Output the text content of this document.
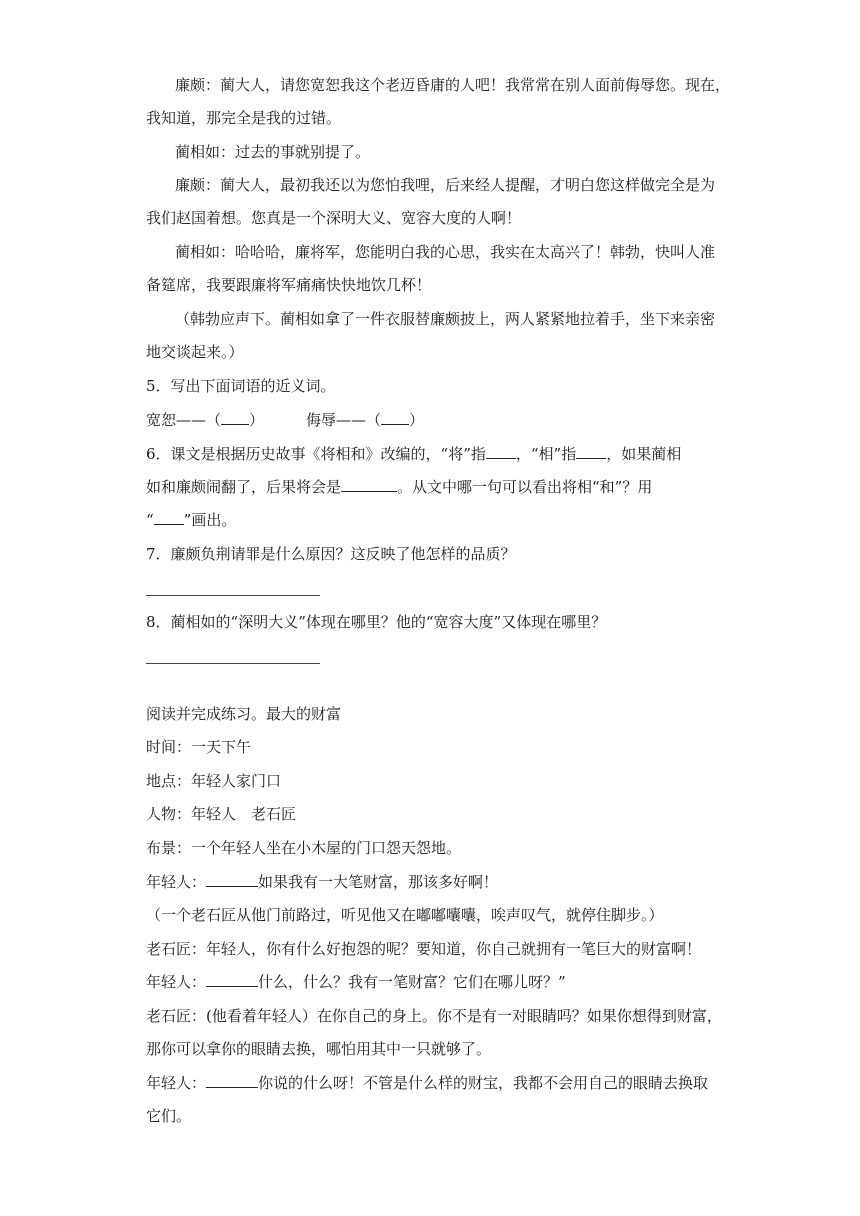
廉颇：蔺大人，请您宽恕我这个老迈昏庸的人吧！我常常在别人面前侮辱您。现在，
我知道，那完全是我的过错。
蔺相如：过去的事就别提了。
廉颇：蔺大人，最初我还以为您怕我哩，后来经人提醒，才明白您这样做完全是为
我们赵国着想。您真是一个深明大义、宽容大度的人啊！
蔺相如：哈哈哈，廉将军，您能明白我的心思，我实在太高兴了！韩勃，快叫人准
备筵席，我要跟廉将军痛痛快快地饮几杯！
（韩勃应声下。蔺相如拿了一件衣服替廉颇披上，两人紧紧地拉着手，坐下来亲密
地交谈起来。）
5．写出下面词语的近义词。
宽恕——（ ）	侮辱——（ ）
6．课文是根据历史故事《将相和》改编的，“将”指 ，“相”指 ，如果蔺相
如和廉颇闹翻了，后果将会是	。从文中哪一句可以看出将相“和”？用
“ ”画出。
7．廉颇负荆请罪是什么原因？这反映了他怎样的品质？
8．蔺相如的“深明大义”体现在哪里？他的“宽容大度”又体现在哪里？
阅读并完成练习。最大的财富
时间：一天下午
地点：年轻人家门口
人物：年轻人　老石匠
布景：一个年轻人坐在小木屋的门口怨天怨地。
年轻人：	如果我有一大笔财富，那该多好啊！
（一个老石匠从他门前路过，听见他又在嘟嘟囔囔，唉声叹气，就停住脚步。）
老石匠：年轻人，你有什么好抱怨的呢？要知道，你自己就拥有一笔巨大的财富啊！
年轻人：	什么，什么？我有一笔财富？它们在哪儿呀？”
老石匠：(他看着年轻人）在你自己的身上。你不是有一对眼睛吗？如果你想得到财富，
那你可以拿你的眼睛去换，哪怕用其中一只就够了。
年轻人：	你说的什么呀！不管是什么样的财宝，我都不会用自己的眼睛去换取
它们。
